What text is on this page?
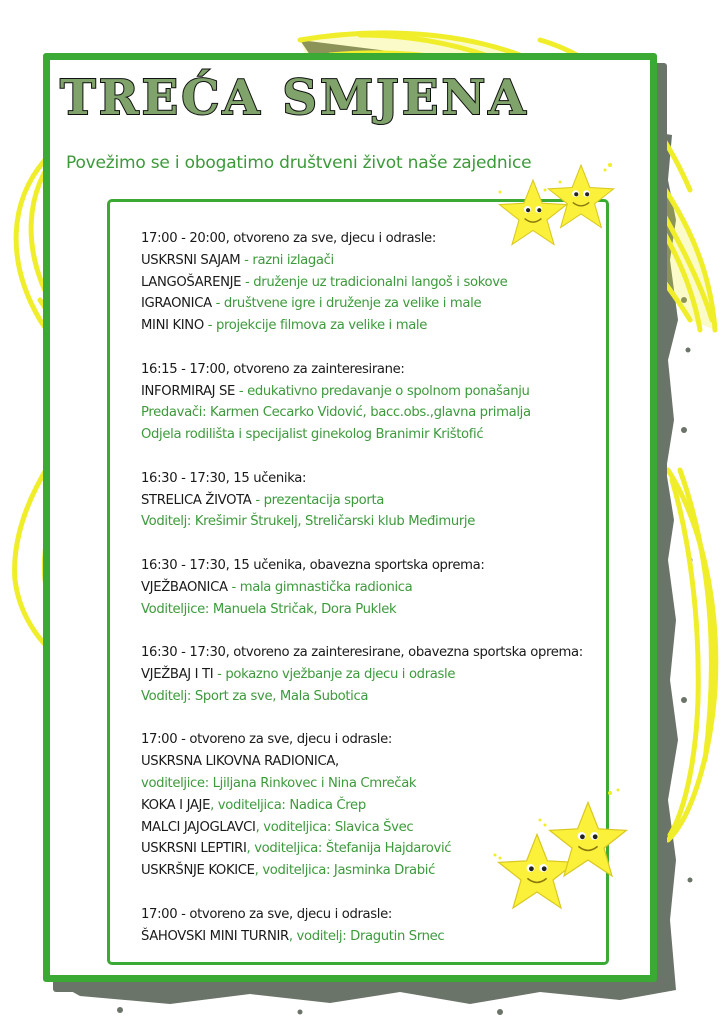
TREĆA SMJENA

Povežimo se i obogatimo društveni život naše zajednice

17:00 - 20:00, otvoreno za sve, djecu i odrasle:
USKRSNI SAJAM - razni izlagači
LANGOŠARENJE - druženje uz tradicionalni langoš i sokove
IGRAONICA - društvene igre i druženje za velike i male
MINI KINO - projekcije filmova za velike i male
16:15 - 17:00, otvoreno za zainteresirane:
INFORMIRAJ SE - edukativno predavanje o spolnom ponašanju
Predavači: Karmen Cecarko Vidović, bacc.obs.,glavna primalja
Odjela rodilišta i specijalist ginekolog Branimir Krištofić
16:30 - 17:30, 15 učenika:
STRELICA ŽIVOTA - prezentacija sporta
Voditelj: Krešimir Štrukelj, Streličarski klub Međimurje
16:30 - 17:30, 15 učenika, obavezna sportska oprema:
VJEŽBAONICA - mala gimnastička radionica
Voditeljice: Manuela Stričak, Dora Puklek
16:30 - 17:30, otvoreno za zainteresirane, obavezna sportska oprema:
VJEŽBAJ I TI - pokazno vježbanje za djecu i odrasle
Voditelj: Sport za sve, Mala Subotica
17:00 - otvoreno za sve, djecu i odrasle:
USKRSNA LIKOVNA RADIONICA,
voditeljice: Ljiljana Rinkovec i Nina Cmrečak
KOKA I JAJE, voditeljica: Nadica Črep
MALCI JAJOGLAVCI, voditeljica: Slavica Švec
USKRSNI LEPTIRI, voditeljica: Štefanija Hajdarović
USKRŠNJE KOKICE, voditeljica: Jasminka Drabić
17:00 - otvoreno za sve, djecu i odrasle:
ŠAHOVSKI MINI TURNIR, voditelj: Dragutin Srnec
